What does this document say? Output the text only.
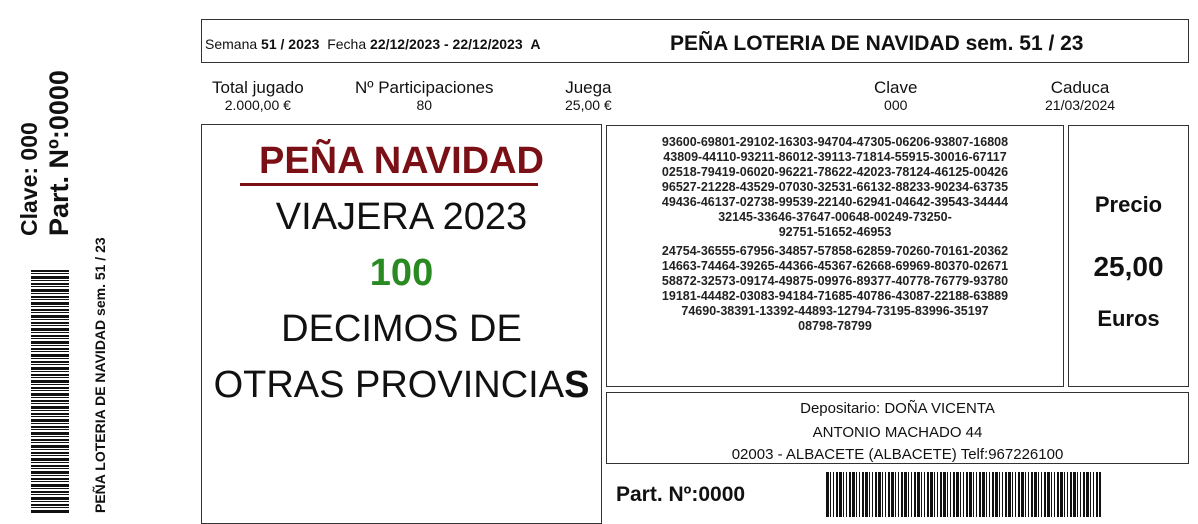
Clave: 000 Part. Nº:0000
PEÑA LOTERIA DE NAVIDAD sem. 51 / 23
Semana 51 / 2023 Fecha 22/12/2023 - 22/12/2023 A	PEÑA LOTERIA DE NAVIDAD sem. 51 / 23
Total jugado
2.000,00 €
Nº Participaciones
80
Juega
25,00 €
Clave
000
Caduca
21/03/2024
PEÑA NAVIDAD
VIAJERA 2023
100
DECIMOS DE
OTRAS PROVINCIAS
93600-69801-29102-16303-94704-47305-06206-93807-16808
43809-44110-93211-86012-39113-71814-55915-30016-67117
02518-79419-06020-96221-78622-42023-78124-46125-00426
96527-21228-43529-07030-32531-66132-88233-90234-63735
49436-46137-02738-99539-22140-62941-04642-39543-34444
32145-33646-37647-00648-00249-73250-
92751-51652-46953
24754-36555-67956-34857-57858-62859-70260-70161-20362
14663-74464-39265-44366-45367-62668-69969-80370-02671
58872-32573-09174-49875-09976-89377-40778-76779-93780
19181-44482-03083-94184-71685-40786-43087-22188-63889
74690-38391-13392-44893-12794-73195-83996-35197
08798-78799
Precio
25,00
Euros
Depositario: DOÑA VICENTA
ANTONIO MACHADO 44
02003 - ALBACETE (ALBACETE) Telf:967226100
Part. Nº:0000
